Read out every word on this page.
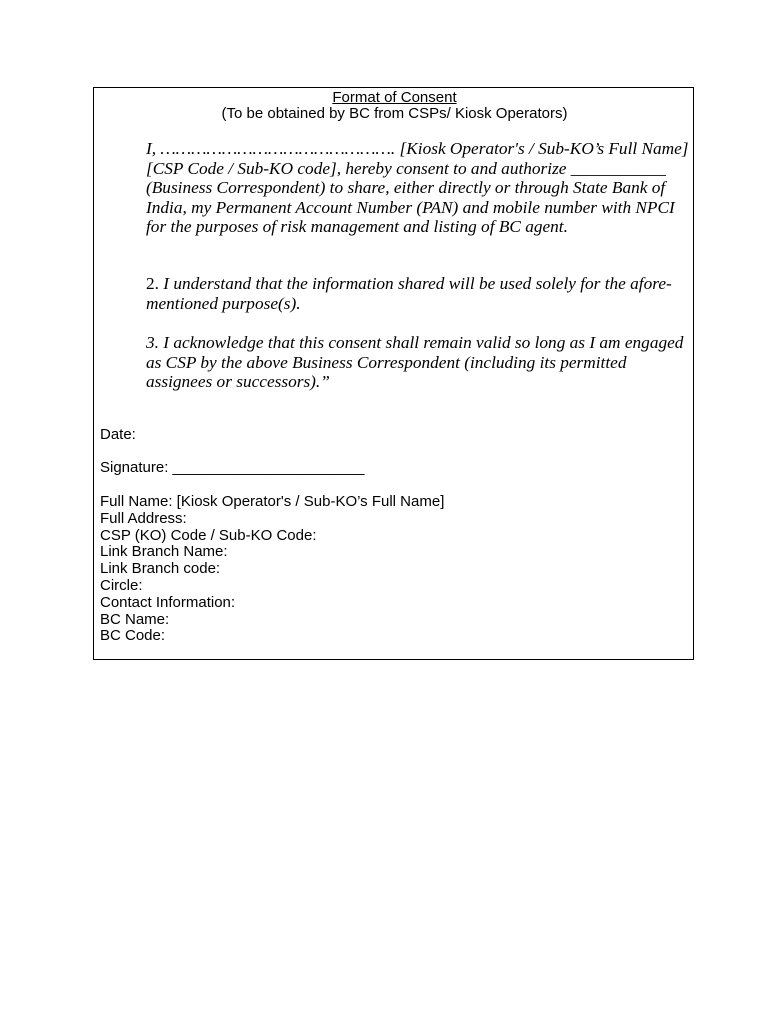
Format of Consent

(To be obtained by BC from CSPs/ Kiosk Operators)

I, ………………………………………. [Kiosk Operator's / Sub-KO’s Full Name] [CSP Code / Sub-KO code], hereby consent to and authorize ___________ (Business Correspondent) to share, either directly or through State Bank of India, my Permanent Account Number (PAN) and mobile number with NPCI for the purposes of risk management and listing of BC agent.

2. I understand that the information shared will be used solely for the afore-mentioned purpose(s).

3. I acknowledge that this consent shall remain valid so long as I am engaged as CSP by the above Business Correspondent (including its permitted assignees or successors).”

Date:

Signature: _______________________

Full Name: [Kiosk Operator's / Sub-KO’s Full Name]
Full Address:
CSP (KO) Code / Sub-KO Code:
Link Branch Name:
Link Branch code:
Circle:
Contact Information:
BC Name:
BC Code:
